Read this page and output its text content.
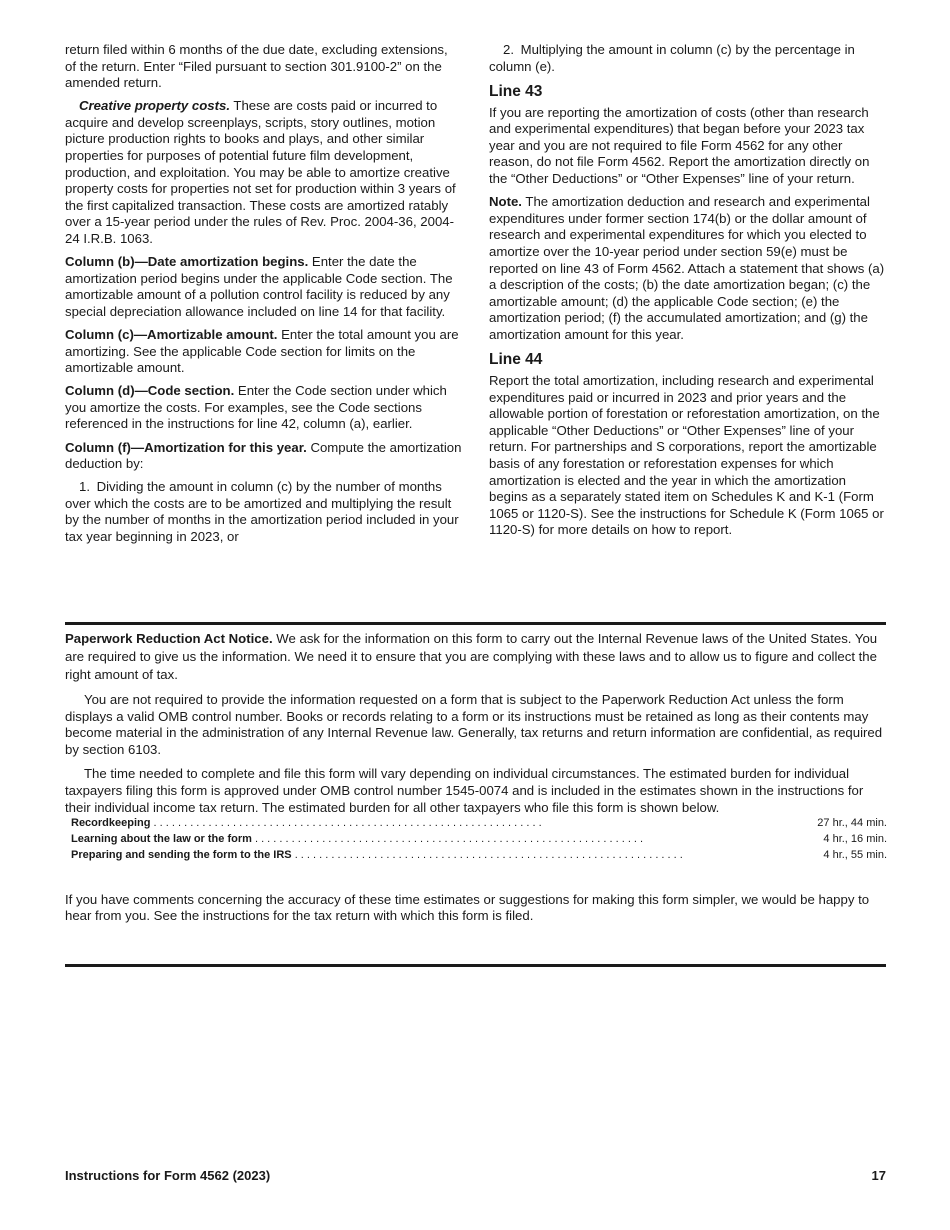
return filed within 6 months of the due date, excluding extensions, of the return. Enter “Filed pursuant to section 301.9100-2” on the amended return.

Creative property costs. These are costs paid or incurred to acquire and develop screenplays, scripts, story outlines, motion picture production rights to books and plays, and other similar properties for purposes of potential future film development, production, and exploitation. You may be able to amortize creative property costs for properties not set for production within 3 years of the first capitalized transaction. These costs are amortized ratably over a 15-year period under the rules of Rev. Proc. 2004-36, 2004-24 I.R.B. 1063.

Column (b)—Date amortization begins. Enter the date the amortization period begins under the applicable Code section. The amortizable amount of a pollution control facility is reduced by any special depreciation allowance included on line 14 for that facility.

Column (c)—Amortizable amount. Enter the total amount you are amortizing. See the applicable Code section for limits on the amortizable amount.

Column (d)—Code section. Enter the Code section under which you amortize the costs. For examples, see the Code sections referenced in the instructions for line 42, column (a), earlier.

Column (f)—Amortization for this year. Compute the amortization deduction by:

1. Dividing the amount in column (c) by the number of months over which the costs are to be amortized and multiplying the result by the number of months in the amortization period included in your tax year beginning in 2023, or

2. Multiplying the amount in column (c) by the percentage in column (e).

Line 43

If you are reporting the amortization of costs (other than research and experimental expenditures) that began before your 2023 tax year and you are not required to file Form 4562 for any other reason, do not file Form 4562. Report the amortization directly on the “Other Deductions” or “Other Expenses” line of your return.

Note. The amortization deduction and research and experimental expenditures under former section 174(b) or the dollar amount of research and experimental expenditures for which you elected to amortize over the 10-year period under section 59(e) must be reported on line 43 of Form 4562. Attach a statement that shows (a) a description of the costs; (b) the date amortization began; (c) the amortizable amount; (d) the applicable Code section; (e) the amortization period; (f) the accumulated amortization; and (g) the amortization amount for this year.

Line 44

Report the total amortization, including research and experimental expenditures paid or incurred in 2023 and prior years and the allowable portion of forestation or reforestation amortization, on the applicable “Other Deductions” or “Other Expenses” line of your return. For partnerships and S corporations, report the amortizable basis of any forestation or reforestation expenses for which amortization is elected and the year in which the amortization begins as a separately stated item on Schedules K and K-1 (Form 1065 or 1120-S). See the instructions for Schedule K (Form 1065 or 1120-S) for more details on how to report.

Paperwork Reduction Act Notice. We ask for the information on this form to carry out the Internal Revenue laws of the United States. You are required to give us the information. We need it to ensure that you are complying with these laws and to allow us to figure and collect the right amount of tax.

You are not required to provide the information requested on a form that is subject to the Paperwork Reduction Act unless the form displays a valid OMB control number. Books or records relating to a form or its instructions must be retained as long as their contents may become material in the administration of any Internal Revenue law. Generally, tax returns and return information are confidential, as required by section 6103.

The time needed to complete and file this form will vary depending on individual circumstances. The estimated burden for individual taxpayers filing this form is approved under OMB control number 1545-0074 and is included in the estimates shown in the instructions for their individual income tax return. The estimated burden for all other taxpayers who file this form is shown below.

Recordkeeping . . . . . . . . . . . . . . . . . . . . . . . . . . . . . . . . . . . . . . . . . . . . . . . . . . . . . . . . . . . . . . . .	27 hr., 44 min.
Learning about the law or the form . . . . . . . . . . . . . . . . . . . . . . . . . . . . . . . . . . . . . . . . . . . . . . . . . . . . . . . . . . . . . . . .	4 hr., 16 min.
Preparing and sending the form to the IRS . . . . . . . . . . . . . . . . . . . . . . . . . . . . . . . . . . . . . . . . . . . . . . . . . . . . . . . . . . . . . . . .	4 hr., 55 min.

If you have comments concerning the accuracy of these time estimates or suggestions for making this form simpler, we would be happy to hear from you. See the instructions for the tax return with which this form is filed.

Instructions for Form 4562 (2023)	17
